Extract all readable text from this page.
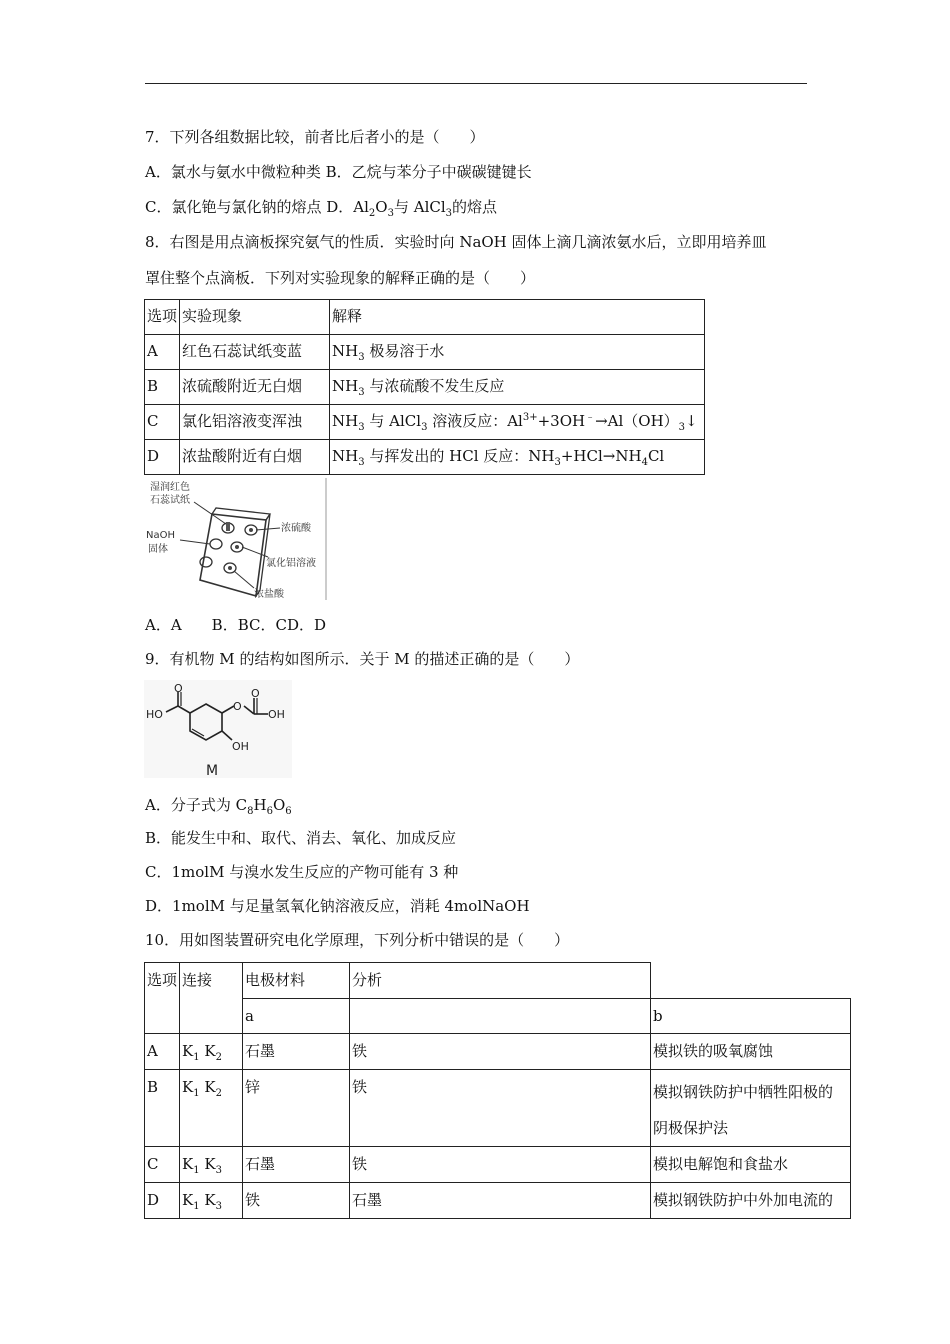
7．下列各组数据比较，前者比后者小的是（　　）
A．氯水与氨水中微粒种类 B．乙烷与苯分子中碳碳键键长
C．氯化铯与氯化钠的熔点 D．$Al_2O_3$与 AlCl$_3$的熔点
8．右图是用点滴板探究氨气的性质．实验时向 NaOH 固体上滴几滴浓氨水后，立即用培养皿
罩住整个点滴板．下列对实验现象的解释正确的是（　　）
选项	实验现象	解释
A	红色石蕊试纸变蓝	$NH_3$ 极易溶于水
B	浓硫酸附近无白烟	$NH_3$ 与浓硫酸不发生反应
C	氯化铝溶液变浑浊	$NH_3$ 与 AlCl$_3$ 溶液反应：$Al^{3+}+3OH^﹣\to Al(OH)_3↓$
D	浓盐酸附近有白烟	$NH_3$ 与挥发出的 HCl 反应：$NH_3+HCl\to NH_4Cl$
湿润红色
石蕊试纸
NaOH
固体
浓硫酸
氯化铝溶液
浓盐酸
A．A　　B．BC．CD．D
9．有机物 M 的结构如图所示．关于 M 的描述正确的是（　　）
O
HO
O
O
OH
OH
M
A．分子式为 $C_8H_6O_6$
B．能发生中和、取代、消去、氧化、加成反应
C．1molM 与溴水发生反应的产物可能有 3 种
D．1molM 与足量氢氧化钠溶液反应，消耗 4molNaOH
10．用如图装置研究电化学原理，下列分析中错误的是（　　）
选项	连接	电极材料	分析	
		a		b
A	$K_1$ $K_2$	石墨	铁	模拟铁的吸氧腐蚀
B	$K_1$ $K_2$	锌	铁	模拟钢铁防护中牺牲阳极的
阴极保护法

C	$K_1$ $K_3$	石墨	铁	模拟电解饱和食盐水
D	$K_1$ $K_3$	铁	石墨	模拟钢铁防护中外加电流的
